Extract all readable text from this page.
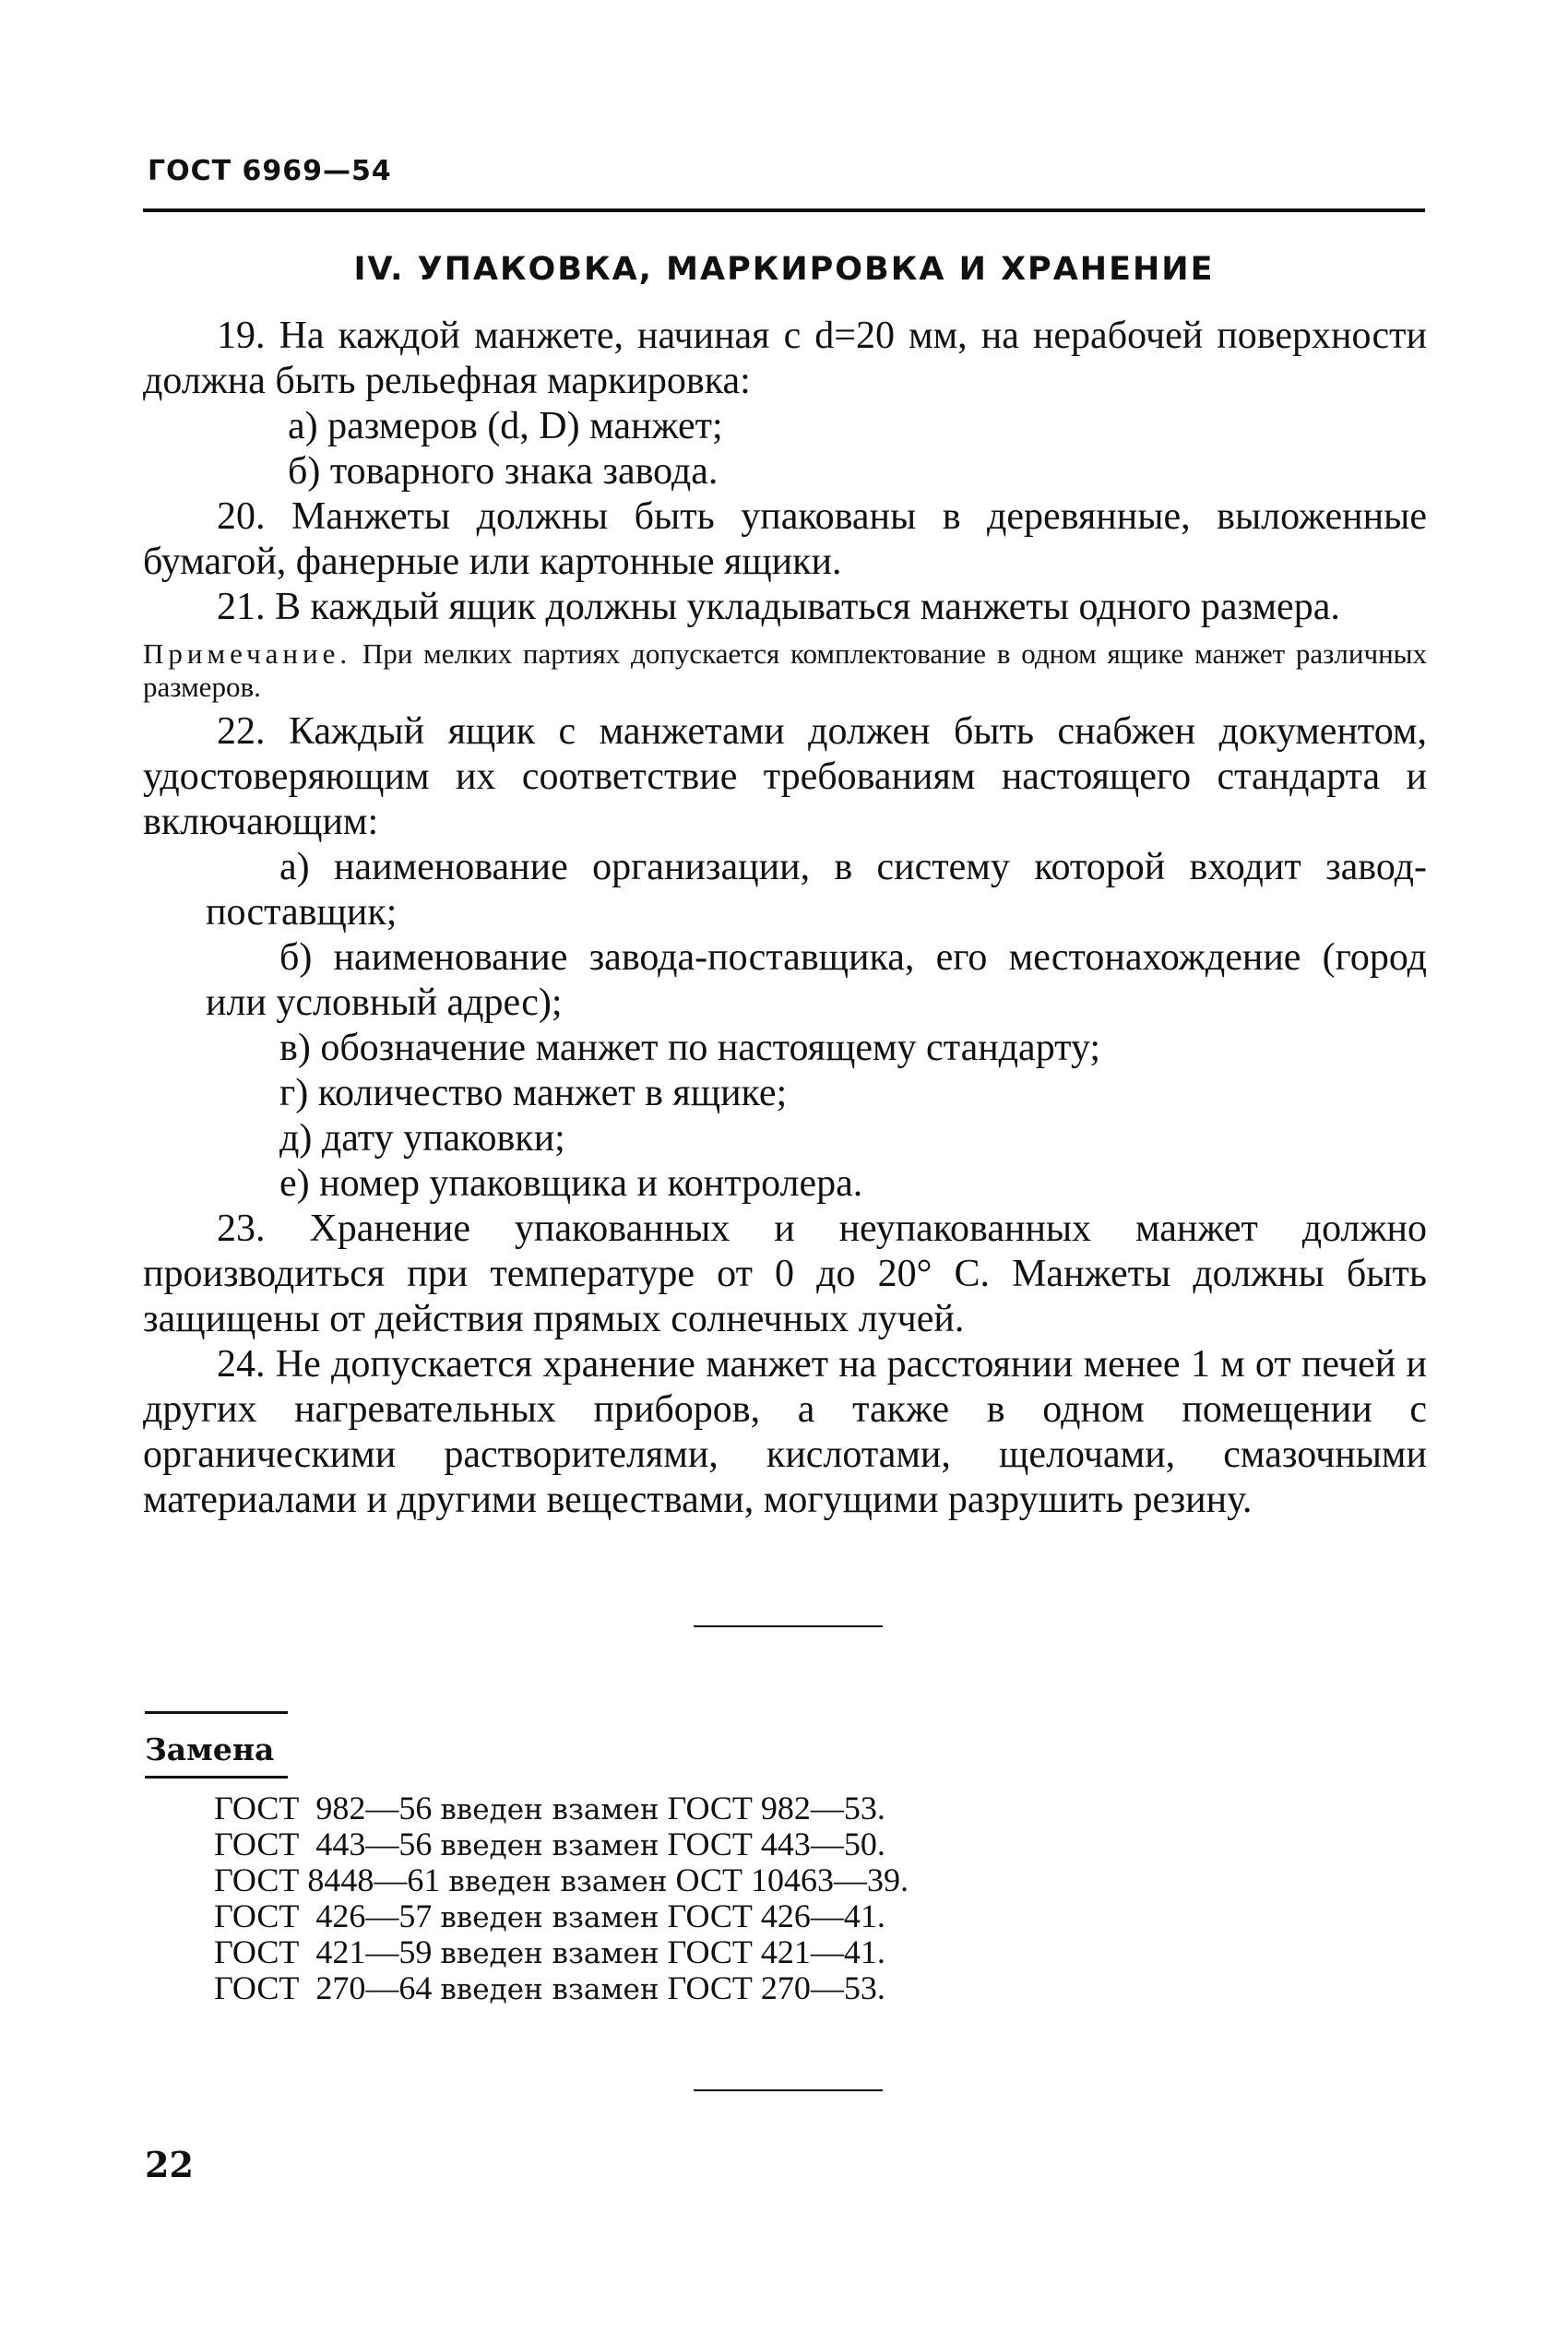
ГОСТ 6969—54
IV. УПАКОВКА, МАРКИРОВКА И ХРАНЕНИЕ

19. На каждой манжете, начиная с d=20 мм, на нерабочей поверхности должна быть рельефная маркировка:

а) размеров (d, D) манжет;

б) товарного знака завода.

20. Манжеты должны быть упакованы в деревянные, выложенные бумагой, фанерные или картонные ящики.

21. В каждый ящик должны укладываться манжеты одного размера.

Примечание. При мелких партиях допускается комплектование в одном ящике манжет различных размеров.

22. Каждый ящик с манжетами должен быть снабжен документом, удостоверяющим их соответствие требованиям настоящего стандарта и включающим:

а) наименование организации, в систему которой входит завод-поставщик;

б) наименование завода-поставщика, его местонахождение (город или условный адрес);

в) обозначение манжет по настоящему стандарту;

г) количество манжет в ящике;

д) дату упаковки;

е) номер упаковщика и контролера.

23. Хранение упакованных и неупакованных манжет должно производиться при температуре от 0 до 20° С. Манжеты должны быть защищены от действия прямых солнечных лучей.

24. Не допускается хранение манжет на расстоянии менее 1 м от печей и других нагревательных приборов, а также в одном помещении с органическими растворителями, кислотами, щелочами, смазочными материалами и другими веществами, могущими разрушить резину.

Замена
ГОСТ  982—56 введен взамен ГОСТ 982—53.
ГОСТ  443—56 введен взамен ГОСТ 443—50.
ГОСТ 8448—61 введен взамен ОСТ 10463—39.
ГОСТ  426—57 введен взамен ГОСТ 426—41.
ГОСТ  421—59 введен взамен ГОСТ 421—41.
ГОСТ  270—64 введен взамен ГОСТ 270—53.
22
